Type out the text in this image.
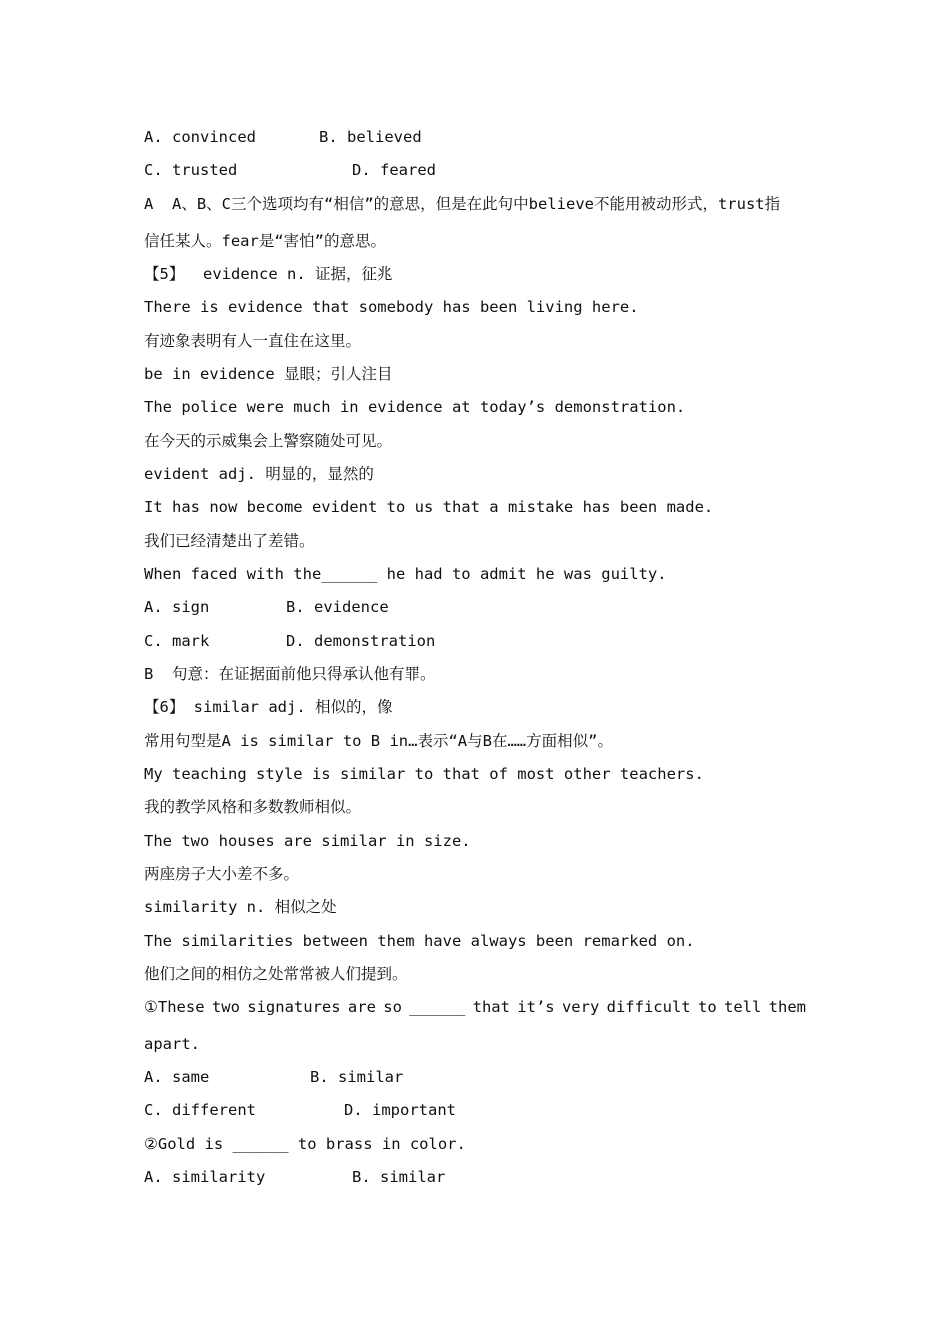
A. convinced	B. believed
C. trusted	D. feared
A  A、B、C三个选项均有“相信”的意思，但是在此句中believe不能用被动形式，trust指
信任某人。fear是“害怕”的意思。
【5】  evidence n. 证据，征兆
There is evidence that somebody has been living here.
有迹象表明有人一直住在这里。
be in evidence 显眼；引人注目
The police were much in evidence at today’s demonstration.
在今天的示威集会上警察随处可见。
evident adj. 明显的，显然的
It has now become evident to us that a mistake has been made.
我们已经清楚出了差错。
When faced with the______ he had to admit he was guilty.
A. sign	B. evidence
C. mark	D. demonstration
B  句意：在证据面前他只得承认他有罪。
【6】 similar adj. 相似的，像
常用句型是A is similar to B in…表示“A与B在……方面相似”。
My teaching style is similar to that of most other teachers.
我的教学风格和多数教师相似。
The two houses are similar in size.
两座房子大小差不多。
similarity n. 相似之处
The similarities between them have always been remarked on.
他们之间的相仿之处常常被人们提到。
①These two signatures are so ______ that it’s very difficult to tell them
apart.
A. same	B. similar
C. different	D. important
②Gold is ______ to brass in color.
A. similarity	B. similar
